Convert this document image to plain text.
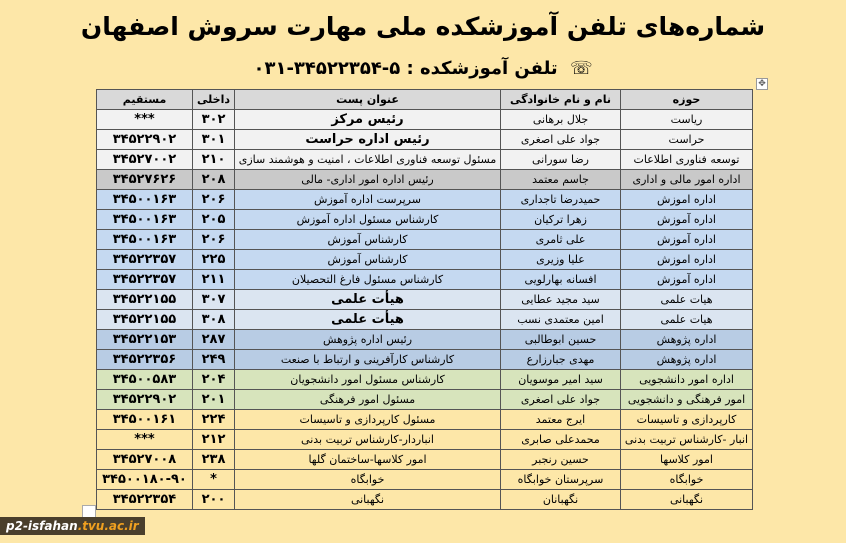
شماره‌های تلفن آموزشکده ملی مهارت سروش اصفهان
☏ تلفن آموزشکده : ۰۳۱-۳۴۵۲۲۳۵۴-۵
✥
حوزه	نام و نام خانوادگی	عنوان پست	داخلی	مستقیم
ریاست	جلال برهانی	رئیس مرکز	۳۰۲	***
حراست	جواد علی اصغری	رئیس اداره حراست	۳۰۱	۳۴۵۲۲۹۰۲
توسعه فناوری اطلاعات	رضا سورانی	مسئول توسعه فناوری اطلاعات ، امنیت و هوشمند سازی	۲۱۰	۳۴۵۲۷۰۰۲
اداره امور مالی و اداری	جاسم معتمد	رئیس اداره امور اداری- مالی	۲۰۸	۳۴۵۲۷۶۲۶
اداره اموزش	حمیدرضا تاجداری	سرپرست اداره آموزش	۲۰۶	۳۴۵۰۰۱۶۳
اداره آموزش	زهرا ترکیان	کارشناس مسئول اداره آموزش	۲۰۵	۳۴۵۰۰۱۶۳
اداره آموزش	علی ثامری	کارشناس آموزش	۲۰۶	۳۴۵۰۰۱۶۳
اداره اموزش	علیا وزیری	کارشناس آموزش	۲۲۵	۳۴۵۲۲۳۵۷
اداره آموزش	افسانه بهارلویی	کارشناس مسئول فارغ التحصیلان	۲۱۱	۳۴۵۲۲۳۵۷
هیات علمی	سید مجید عطایی	هیأت علمی	۳۰۷	۳۴۵۲۲۱۵۵
هیات علمی	امین معتمدی نسب	هیأت علمی	۳۰۸	۳۴۵۲۲۱۵۵
اداره پژوهش	حسین ابوطالبی	رئیس اداره پژوهش	۲۸۷	۳۴۵۲۲۱۵۳
اداره پژوهش	مهدی جبارزارع	کارشناس کارآفرینی و ارتباط با صنعت	۲۴۹	۳۴۵۲۲۳۵۶
اداره امور دانشجویی	سید امیر موسویان	کارشناس مسئول امور دانشجویان	۲۰۴	۳۴۵۰۰۵۸۳
امور فرهنگی و دانشجویی	جواد علی اصغری	مسئول امور فرهنگی	۲۰۱	۳۴۵۲۲۹۰۲
کارپردازی و تاسیسات	ایرج معتمد	مسئول کارپردازی و تاسیسات	۲۲۴	۳۴۵۰۰۱۶۱
انبار -کارشناس تربیت بدنی	محمدعلی صابری	انباردار-کارشناس تربیت بدنی	۲۱۲	***
امور کلاسها	حسین رنجبر	امور کلاسها-ساختمان گلها	۲۳۸	۳۴۵۲۷۰۰۸
خوابگاه	سرپرستان خوابگاه	خوابگاه	*	۳۴۵۰۰۱۸۰-۹۰
نگهبانی	نگهبانان	نگهبانی	۲۰۰	۳۴۵۲۲۳۵۴
p2-isfahan.tvu.ac.ir
